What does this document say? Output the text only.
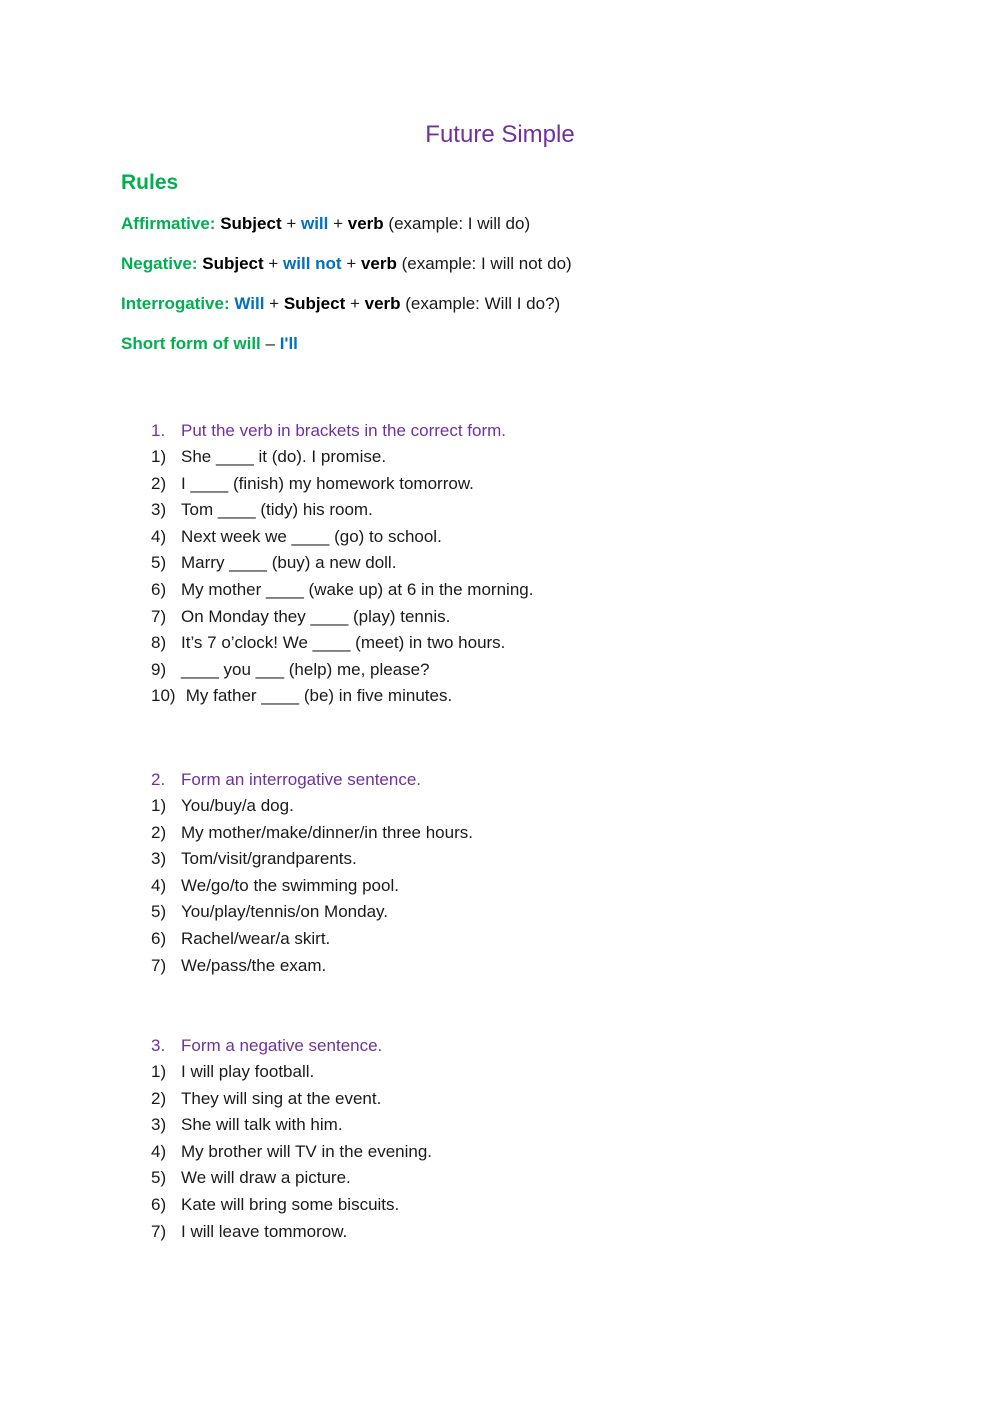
Future Simple
Rules
Affirmative: Subject + will + verb (example: I will do)
Negative: Subject + will not + verb (example: I will not do)
Interrogative: Will + Subject + verb (example: Will I do?)
Short form of will – I'll
1. Put the verb in brackets in the correct form.
1) She ____ it (do). I promise.
2) I ____ (finish) my homework tomorrow.
3) Tom ____ (tidy) his room.
4) Next week we ____ (go) to school.
5) Marry ____ (buy) a new doll.
6) My mother ____ (wake up) at 6 in the morning.
7) On Monday they ____ (play) tennis.
8) It’s 7 o’clock! We ____ (meet) in two hours.
9) ____ you ___ (help) me, please?
10) My father ____ (be) in five minutes.
2. Form an interrogative sentence.
1) You/buy/a dog.
2) My mother/make/dinner/in three hours.
3) Tom/visit/grandparents.
4) We/go/to the swimming pool.
5) You/play/tennis/on Monday.
6) Rachel/wear/a skirt.
7) We/pass/the exam.
3. Form a negative sentence.
1) I will play football.
2) They will sing at the event.
3) She will talk with him.
4) My brother will TV in the evening.
5) We will draw a picture.
6) Kate will bring some biscuits.
7) I will leave tommorow.
